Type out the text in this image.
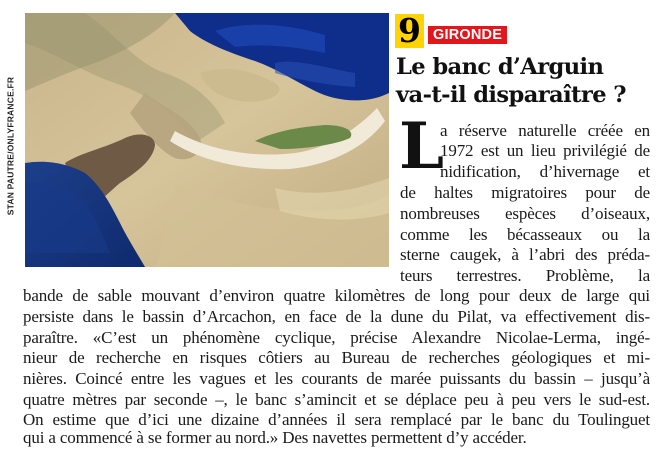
STAN PAUTRE/ONLYFRANCE.FR
9 GIRONDE
Le banc d’Arguin
va-t-il disparaître ?
L
a réserve naturelle créée en
1972 est un lieu privilégié de
nidification, d’hivernage et
de haltes migratoires pour de
nombreuses espèces d’oiseaux,
comme les bécasseaux ou la
sterne caugek, à l’abri des préda-
teurs terrestres. Problème, la
bande de sable mouvant d’environ quatre kilomètres de long pour deux de large qui
persiste dans le bassin d’Arcachon, en face de la dune du Pilat, va effectivement dis-
paraître. «C’est un phénomène cyclique, précise Alexandre Nicolae-Lerma, ingé-
nieur de recherche en risques côtiers au Bureau de recherches géologiques et mi-
nières. Coincé entre les vagues et les courants de marée puissants du bassin – jusqu’à
quatre mètres par seconde –, le banc s’amincit et se déplace peu à peu vers le sud-est.
On estime que d’ici une dizaine d’années il sera remplacé par le banc du Toulinguet
qui a commencé à se former au nord.» Des navettes permettent d’y accéder.
